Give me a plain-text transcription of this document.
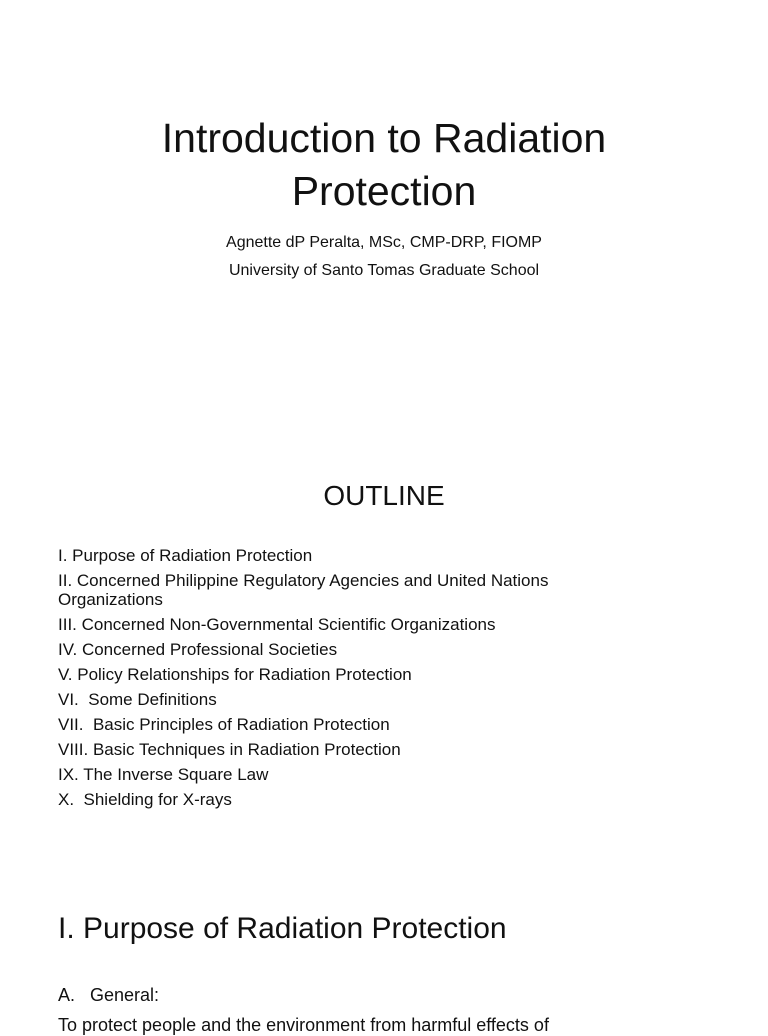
Introduction to Radiation
Protection
Agnette dP Peralta, MSc, CMP-DRP, FIOMP
University of Santo Tomas Graduate School
OUTLINE
I. Purpose of Radiation Protection
II. Concerned Philippine Regulatory Agencies and United Nations Organizations
III. Concerned Non-Governmental Scientific Organizations
IV. Concerned Professional Societies
V. Policy Relationships for Radiation Protection
VI.  Some Definitions
VII.  Basic Principles of Radiation Protection
VIII. Basic Techniques in Radiation Protection
IX. The Inverse Square Law
X.  Shielding for X-rays
I. Purpose of Radiation Protection
A.   General:
To protect people and the environment from harmful effects of
